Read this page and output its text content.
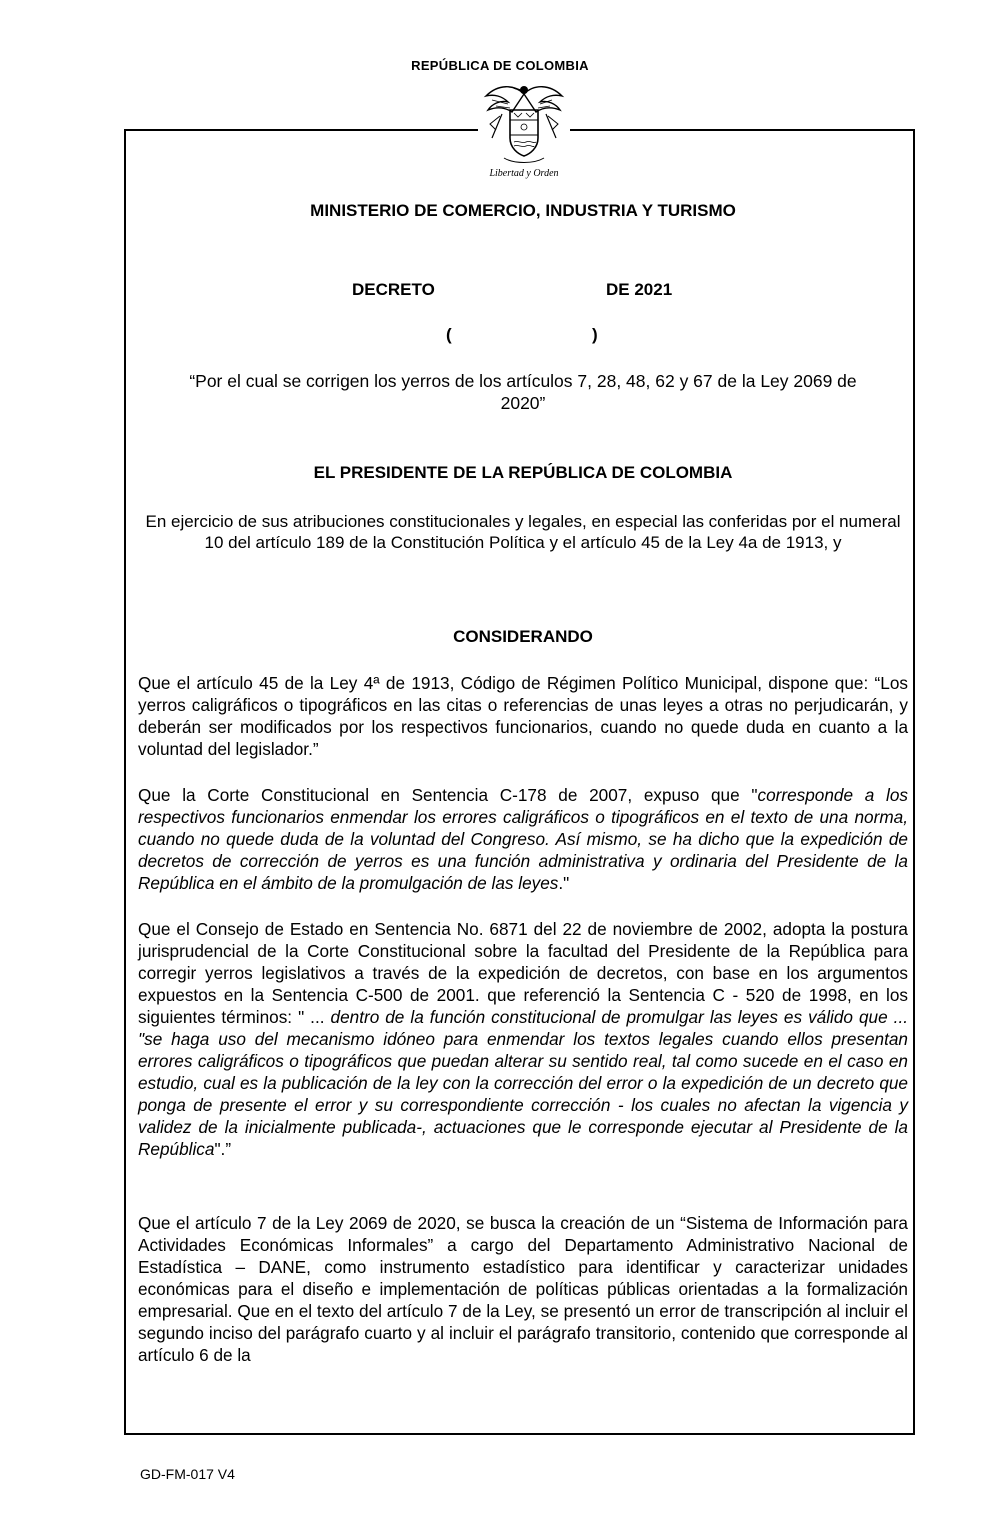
REPÚBLICA DE COLOMBIA
Libertad y Orden
MINISTERIO DE COMERCIO, INDUSTRIA Y TURISMO
DECRETO	DE 2021
(	)
“Por el cual se corrigen los yerros de los artículos 7, 28, 48, 62 y 67 de la Ley 2069 de 2020”
EL PRESIDENTE DE LA REPÚBLICA DE COLOMBIA
En ejercicio de sus atribuciones constitucionales y legales, en especial las conferidas por el numeral 10 del artículo 189 de la Constitución Política y el artículo 45 de la Ley 4a de 1913, y
CONSIDERANDO

Que el artículo 45 de la Ley 4ª de 1913, Código de Régimen Político Municipal, dispone que: “Los yerros caligráficos o tipográficos en las citas o referencias de unas leyes a otras no perjudicarán, y deberán ser modificados por los respectivos funcionarios, cuando no quede duda en cuanto a la voluntad del legislador.”

Que la Corte Constitucional en Sentencia C-178 de 2007, expuso que "corresponde a los respectivos funcionarios enmendar los errores caligráficos o tipográficos en el texto de una norma, cuando no quede duda de la voluntad del Congreso. Así mismo, se ha dicho que la expedición de decretos de corrección de yerros es una función administrativa y ordinaria del Presidente de la República en el ámbito de la promulgación de las leyes."

Que el Consejo de Estado en Sentencia No. 6871 del 22 de noviembre de 2002, adopta la postura jurisprudencial de la Corte Constitucional sobre la facultad del Presidente de la República para corregir yerros legislativos a través de la expedición de decretos, con base en los argumentos expuestos en la Sentencia C-500 de 2001. que referenció la Sentencia C - 520 de 1998, en los siguientes términos: " ... dentro de la función constitucional de promulgar las leyes es válido que ... "se haga uso del mecanismo idóneo para enmendar los textos legales cuando ellos presentan errores caligráficos o tipográficos que puedan alterar su sentido real, tal como sucede en el caso en estudio, cual es la publicación de la ley con la corrección del error o la expedición de un decreto que ponga de presente el error y su correspondiente corrección - los cuales no afectan la vigencia y validez de la inicialmente publicada-, actuaciones que le corresponde ejecutar al Presidente de la República".”

Que el artículo 7 de la Ley 2069 de 2020, se busca la creación de un “Sistema de Información para Actividades Económicas Informales” a cargo del Departamento Administrativo Nacional de Estadística – DANE, como instrumento estadístico para identificar y caracterizar unidades económicas para el diseño e implementación de políticas públicas orientadas a la formalización empresarial. Que en el texto del artículo 7 de la Ley, se presentó un error de transcripción al incluir el segundo inciso del parágrafo cuarto y al incluir el parágrafo transitorio, contenido que corresponde al artículo 6 de la

GD-FM-017 V4
